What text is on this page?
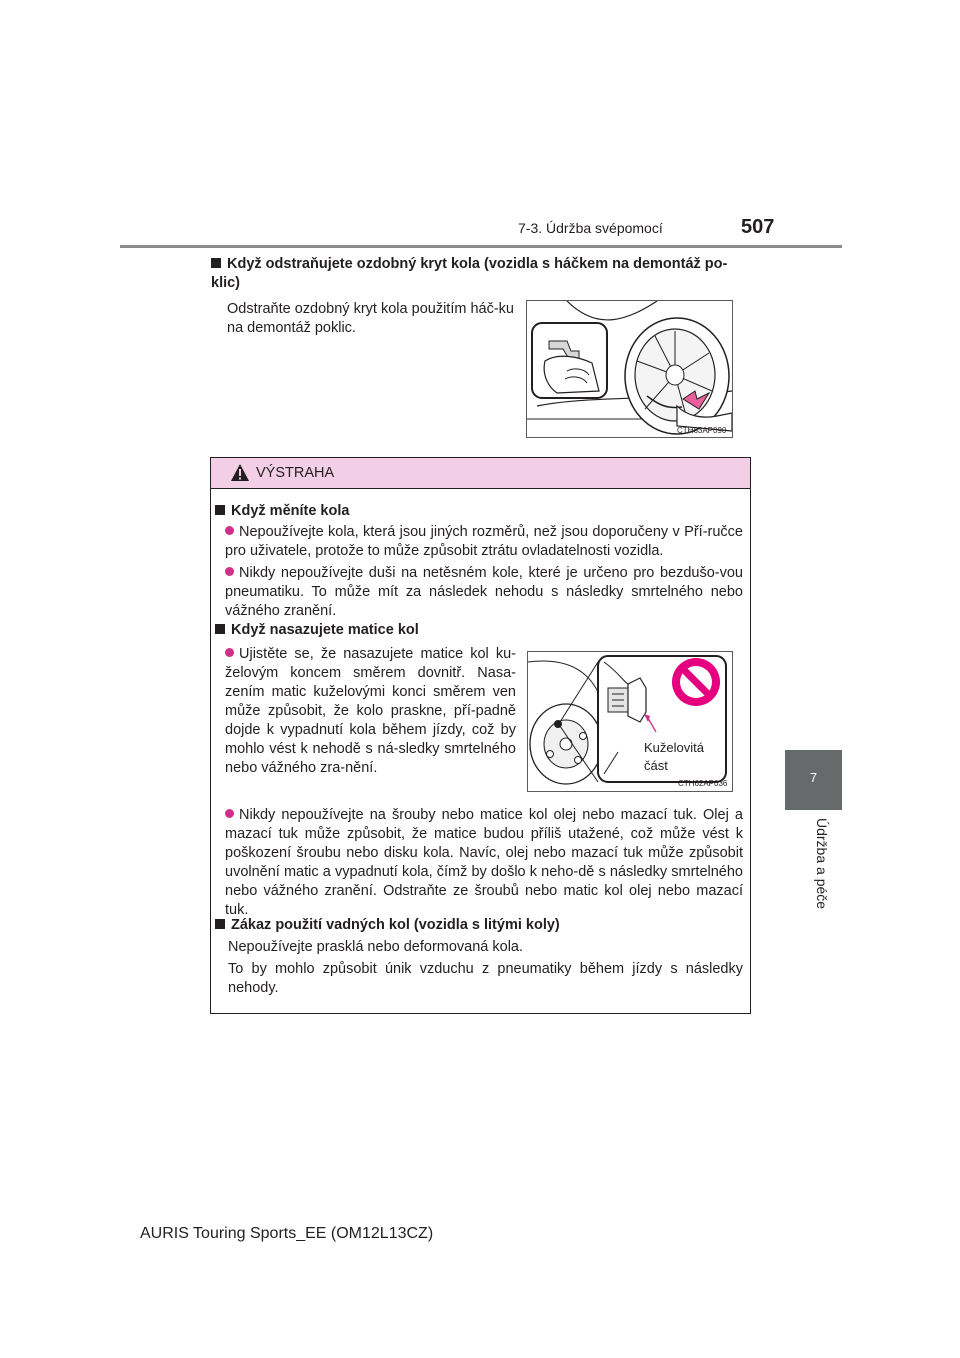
7-3. Údržba svépomocí	507
7
Údržba a péče
Když odstraňujete ozdobný kryt kola (vozidla s háčkem na demontáž po-klic)
Odstraňte ozdobný kryt kola použitím háč-ku na demontáž poklic.
CTH63AP090
VÝSTRAHA
Když měníte kola
Nepoužívejte kola, která jsou jiných rozměrů, než jsou doporučeny v Pří-ručce pro uživatele, protože to může způsobit ztrátu ovladatelnosti vozidla.
Nikdy nepoužívejte duši na netěsném kole, které je určeno pro bezdušo-vou pneumatiku. To může mít za následek nehodu s následky smrtelného nebo vážného zranění.
Když nasazujete matice kol
Ujistěte se, že nasazujete matice kol ku-želovým koncem směrem dovnitř. Nasa-zením matic kuželovými konci směrem ven může způsobit, že kolo praskne, pří-padně dojde k vypadnutí kola během jízdy, což by mohlo vést k nehodě s ná-sledky smrtelného nebo vážného zra-nění.
Kuželovitá část
CTH62AP036
Nikdy nepoužívejte na šrouby nebo matice kol olej nebo mazací tuk. Olej a mazací tuk může způsobit, že matice budou příliš utažené, což může vést k poškození šroubu nebo disku kola. Navíc, olej nebo mazací tuk může způsobit uvolnění matic a vypadnutí kola, čímž by došlo k neho-dě s následky smrtelného nebo vážného zranění. Odstraňte ze šroubů nebo matic kol olej nebo mazací tuk.
Zákaz použití vadných kol (vozidla s litými koly)
Nepoužívejte prasklá nebo deformovaná kola.
To by mohlo způsobit únik vzduchu z pneumatiky během jízdy s následky nehody.
AURIS Touring Sports_EE (OM12L13CZ)
